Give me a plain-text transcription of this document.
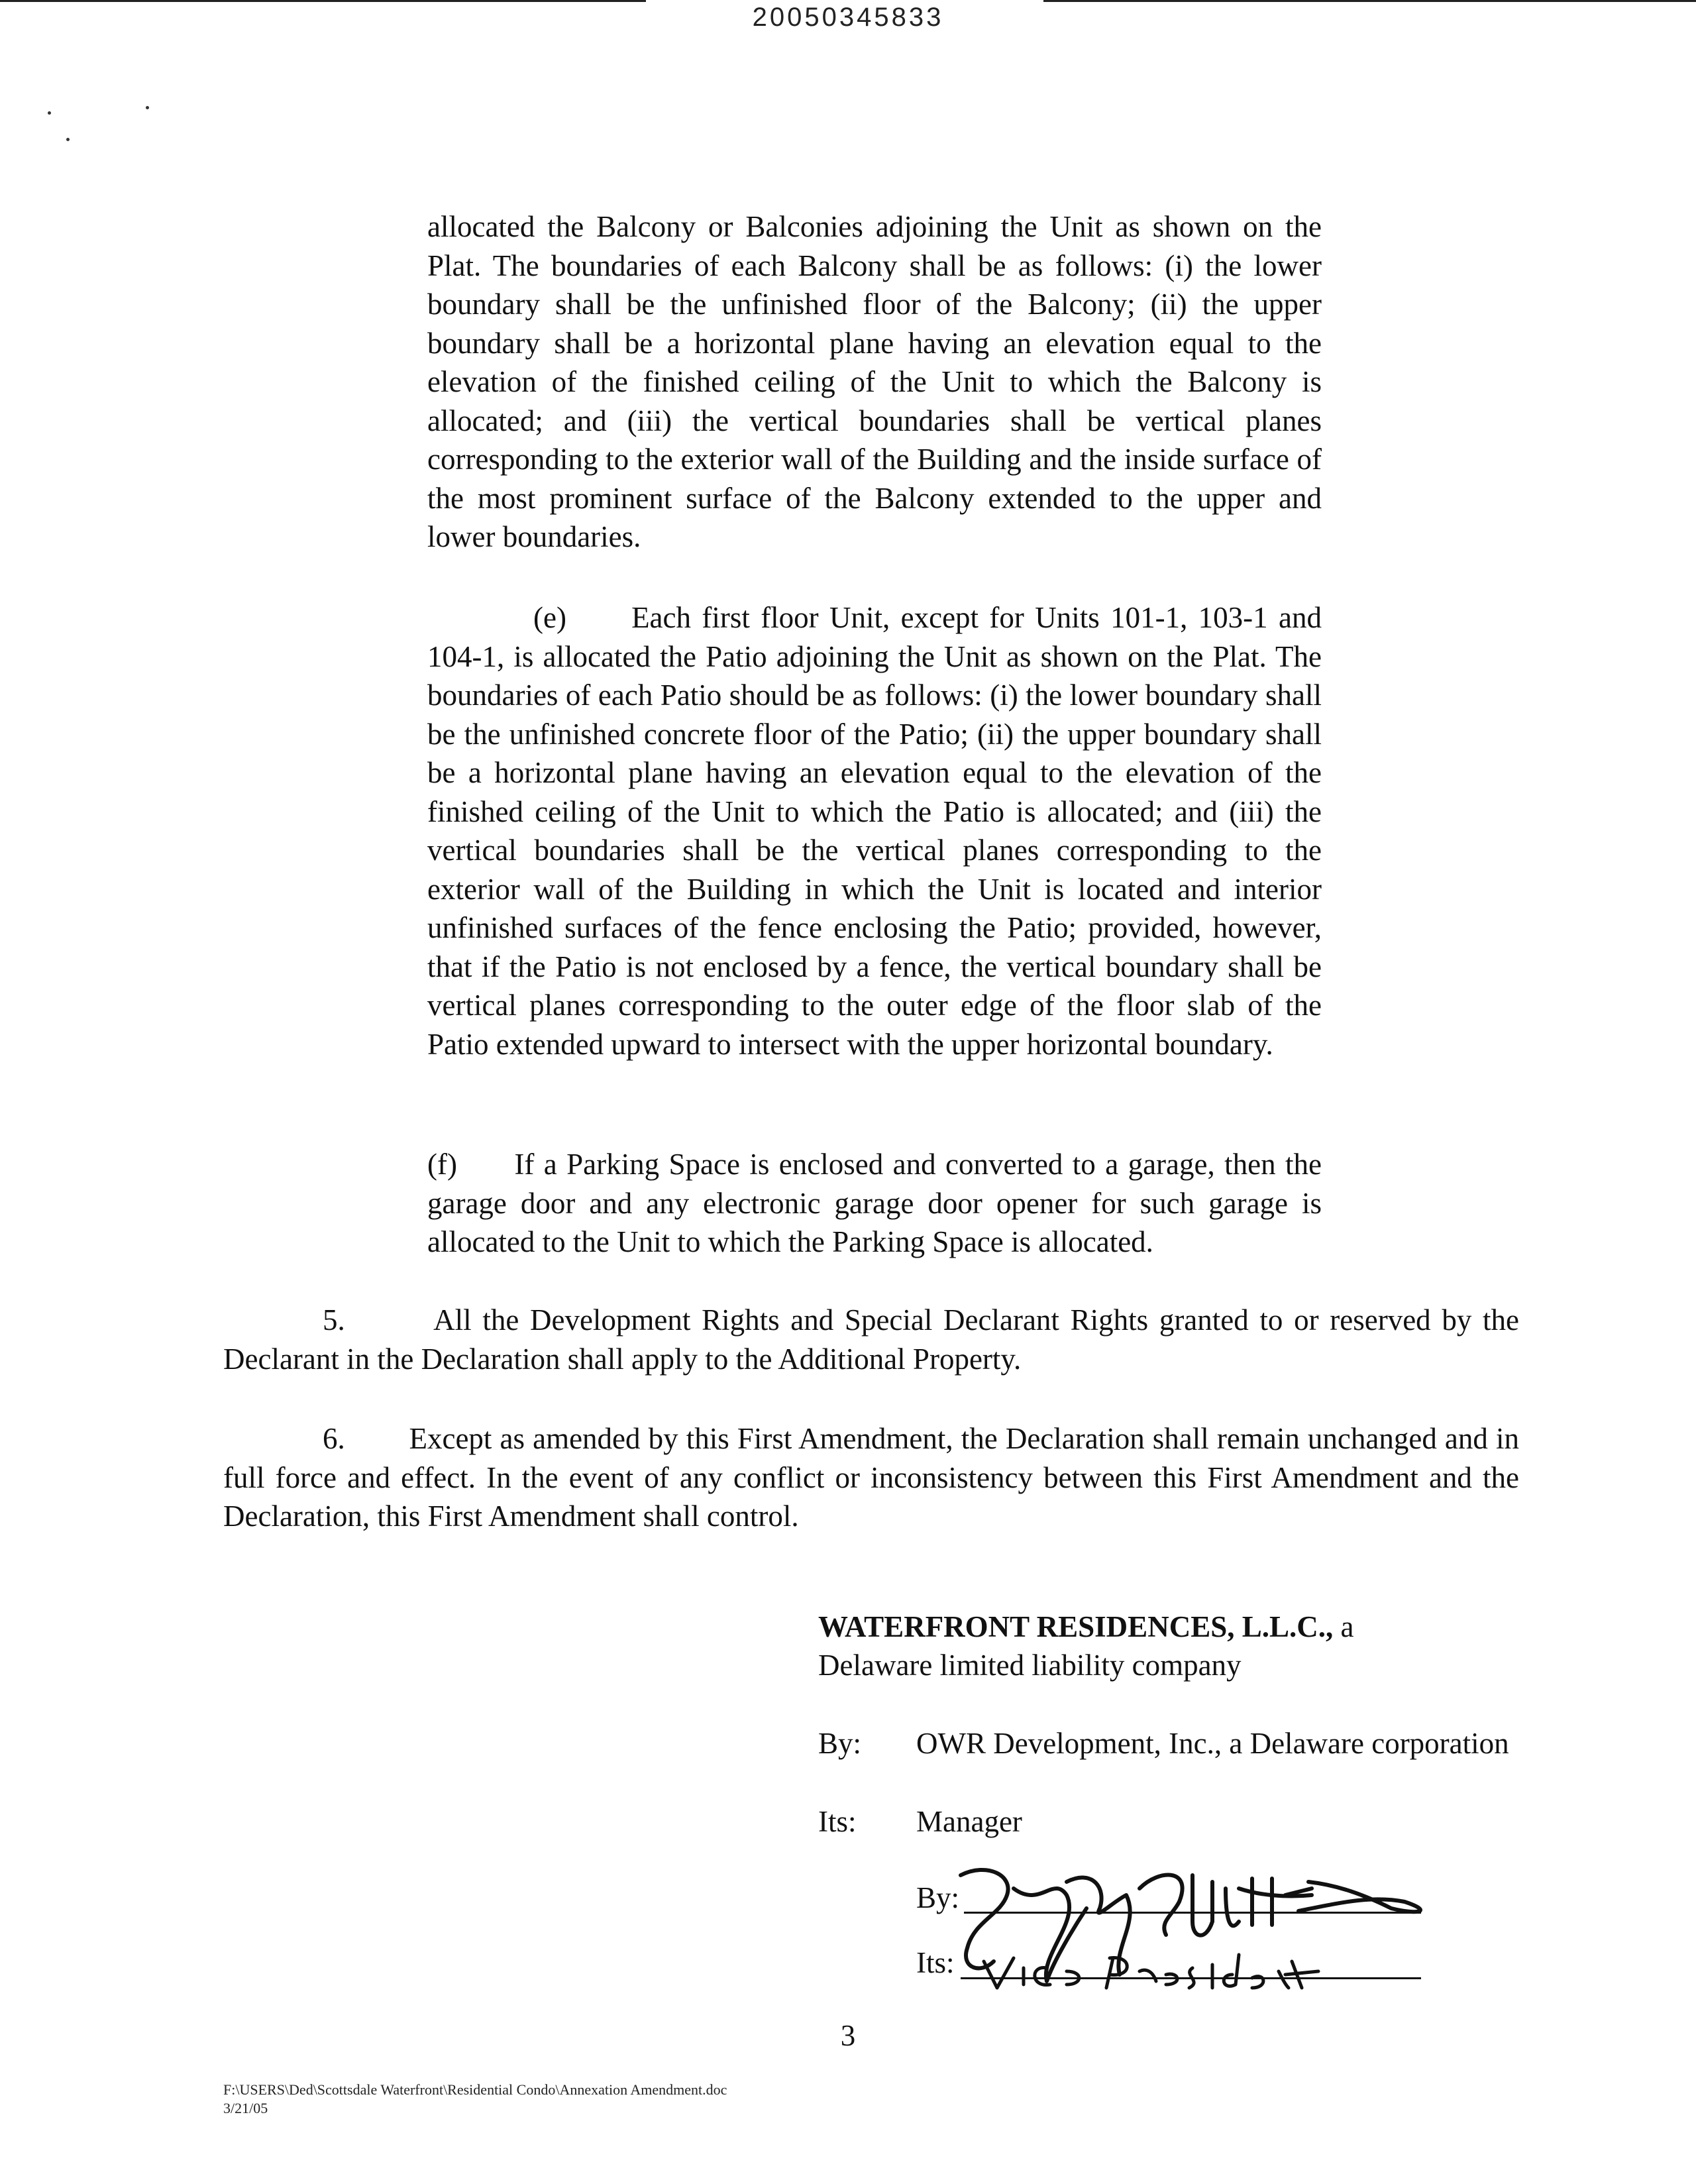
20050345833

allocated the Balcony or Balconies adjoining the Unit as shown on the Plat. The boundaries of each Balcony shall be as follows: (i) the lower boundary shall be the unfinished floor of the Balcony; (ii) the upper boundary shall be a horizontal plane having an elevation equal to the elevation of the finished ceiling of the Unit to which the Balcony is allocated; and (iii) the vertical boundaries shall be vertical planes corresponding to the exterior wall of the Building and the inside surface of the most prominent surface of the Balcony extended to the upper and lower boundaries.

(e)      Each first floor Unit, except for Units 101-1, 103-1 and 104-1, is allocated the Patio adjoining the Unit as shown on the Plat. The boundaries of each Patio should be as follows: (i) the lower boundary shall be the unfinished concrete floor of the Patio; (ii) the upper boundary shall be a horizontal plane having an elevation equal to the elevation of the finished ceiling of the Unit to which the Patio is allocated; and (iii) the vertical boundaries shall be the vertical planes corresponding to the exterior wall of the Building in which the Unit is located and interior unfinished surfaces of the fence enclosing the Patio; provided, however, that if the Patio is not enclosed by a fence, the vertical boundary shall be vertical planes corresponding to the outer edge of the floor slab of the Patio extended upward to intersect with the upper horizontal boundary.

(f)      If a Parking Space is enclosed and converted to a garage, then the garage door and any electronic garage door opener for such garage is allocated to the Unit to which the Parking Space is allocated.

5.        All the Development Rights and Special Declarant Rights granted to or reserved by the Declarant in the Declaration shall apply to the Additional Property.

6.        Except as amended by this First Amendment, the Declaration shall remain unchanged and in full force and effect. In the event of any conflict or inconsistency between this First Amendment and the Declaration, this First Amendment shall control.

WATERFRONT RESIDENCES, L.L.C., a
Delaware limited liability company
By: OWR Development, Inc., a Delaware corporation
Its: Manager
By:
Its:
3
F:\USERS\Ded\Scottsdale Waterfront\Residential Condo\Annexation Amendment.doc
3/21/05
